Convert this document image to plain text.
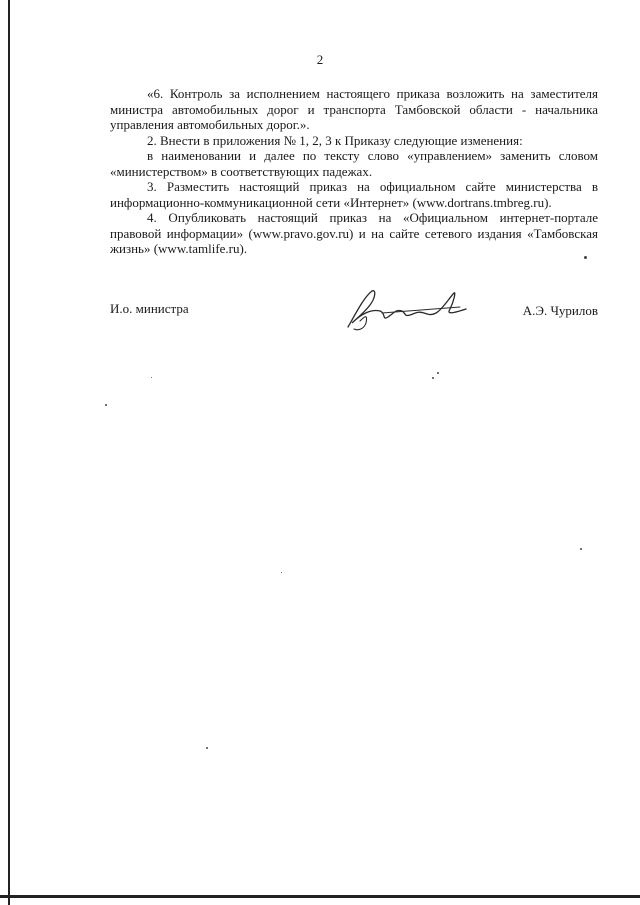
2

«6. Контроль за исполнением настоящего приказа возложить на заместителя министра автомобильных дорог и транспорта Тамбовской области - начальника управления автомобильных дорог.».

2. Внести в приложения № 1, 2, 3 к Приказу следующие изменения:

в наименовании и далее по тексту слово «управлением» заменить словом «министерством» в соответствующих падежах.

3. Разместить настоящий приказ на официальном сайте министерства в информационно-коммуникационной сети «Интернет» (www.dortrans.tmbreg.ru).

4. Опубликовать настоящий приказ на «Официальном интернет-портале правовой информации» (www.pravo.gov.ru) и на сайте сетевого издания «Тамбовская жизнь» (www.tamlife.ru).

И.о. министра	А.Э. Чурилов
